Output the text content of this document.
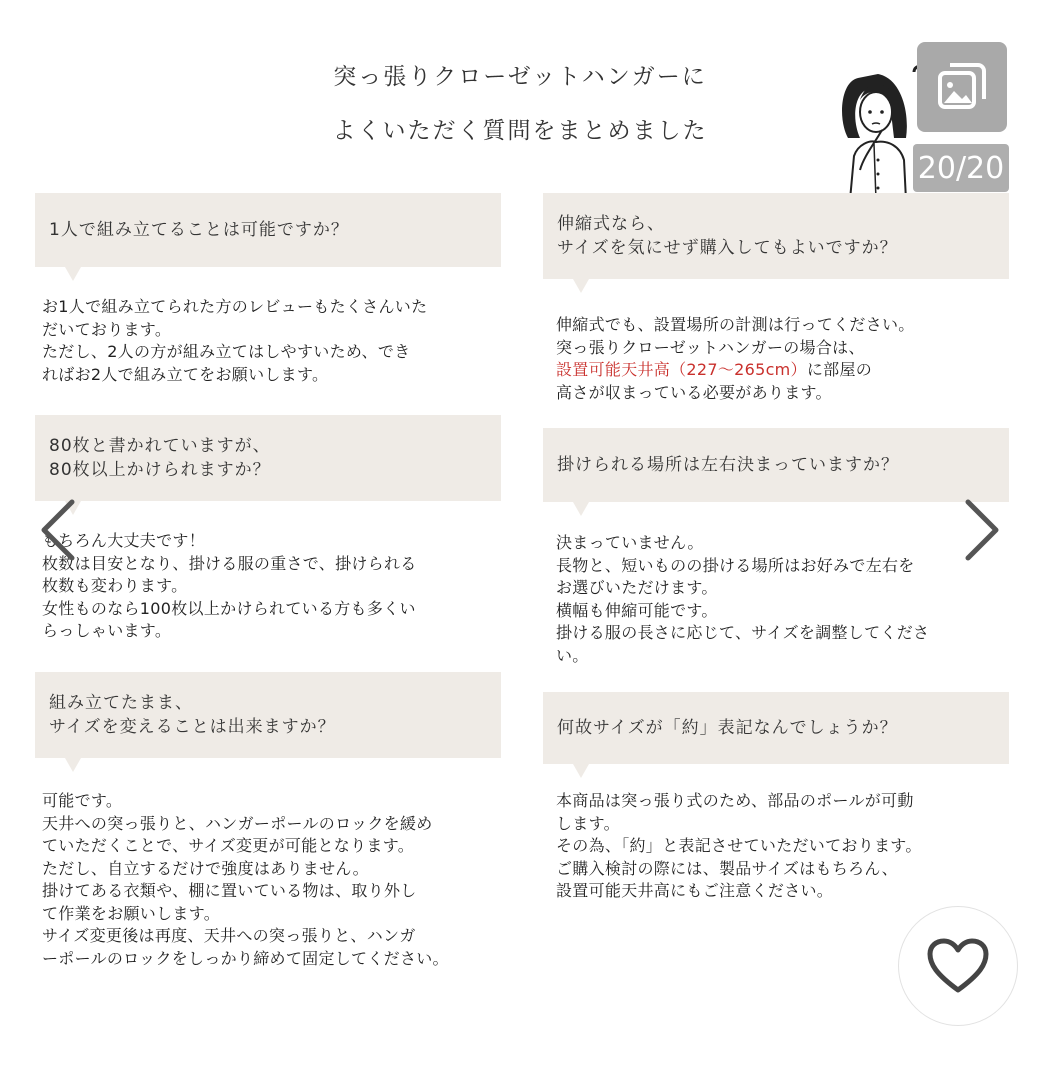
突っ張りクローゼットハンガーに
よくいただく質問をまとめました
20/20
1人で組み立てることは可能ですか？
お1人で組み立てられた方のレビューもたくさんいた
だいております。
ただし、2人の方が組み立てはしやすいため、でき
ればお2人で組み立てをお願いします。
80枚と書かれていますが、
80枚以上かけられますか？
もちろん大丈夫です！
枚数は目安となり、掛ける服の重さで、掛けられる
枚数も変わります。
女性ものなら100枚以上かけられている方も多くい
らっしゃいます。
組み立てたまま、
サイズを変えることは出来ますか？
可能です。
天井への突っ張りと、ハンガーポールのロックを緩め
ていただくことで、サイズ変更が可能となります。
ただし、自立するだけで強度はありません。
掛けてある衣類や、棚に置いている物は、取り外し
て作業をお願いします。
サイズ変更後は再度、天井への突っ張りと、ハンガ
ーポールのロックをしっかり締めて固定してください。
伸縮式なら、
サイズを気にせず購入してもよいですか？
伸縮式でも、設置場所の計測は行ってください。
突っ張りクローゼットハンガーの場合は、
設置可能天井高（227〜265cm）に部屋の
高さが収まっている必要があります。
掛けられる場所は左右決まっていますか？
決まっていません。
長物と、短いものの掛ける場所はお好みで左右を
お選びいただけます。
横幅も伸縮可能です。
掛ける服の長さに応じて、サイズを調整してくださ
い。
何故サイズが「約」表記なんでしょうか？
本商品は突っ張り式のため、部品のポールが可動
します。
その為、「約」と表記させていただいております。
ご購入検討の際には、製品サイズはもちろん、
設置可能天井高にもご注意ください。
